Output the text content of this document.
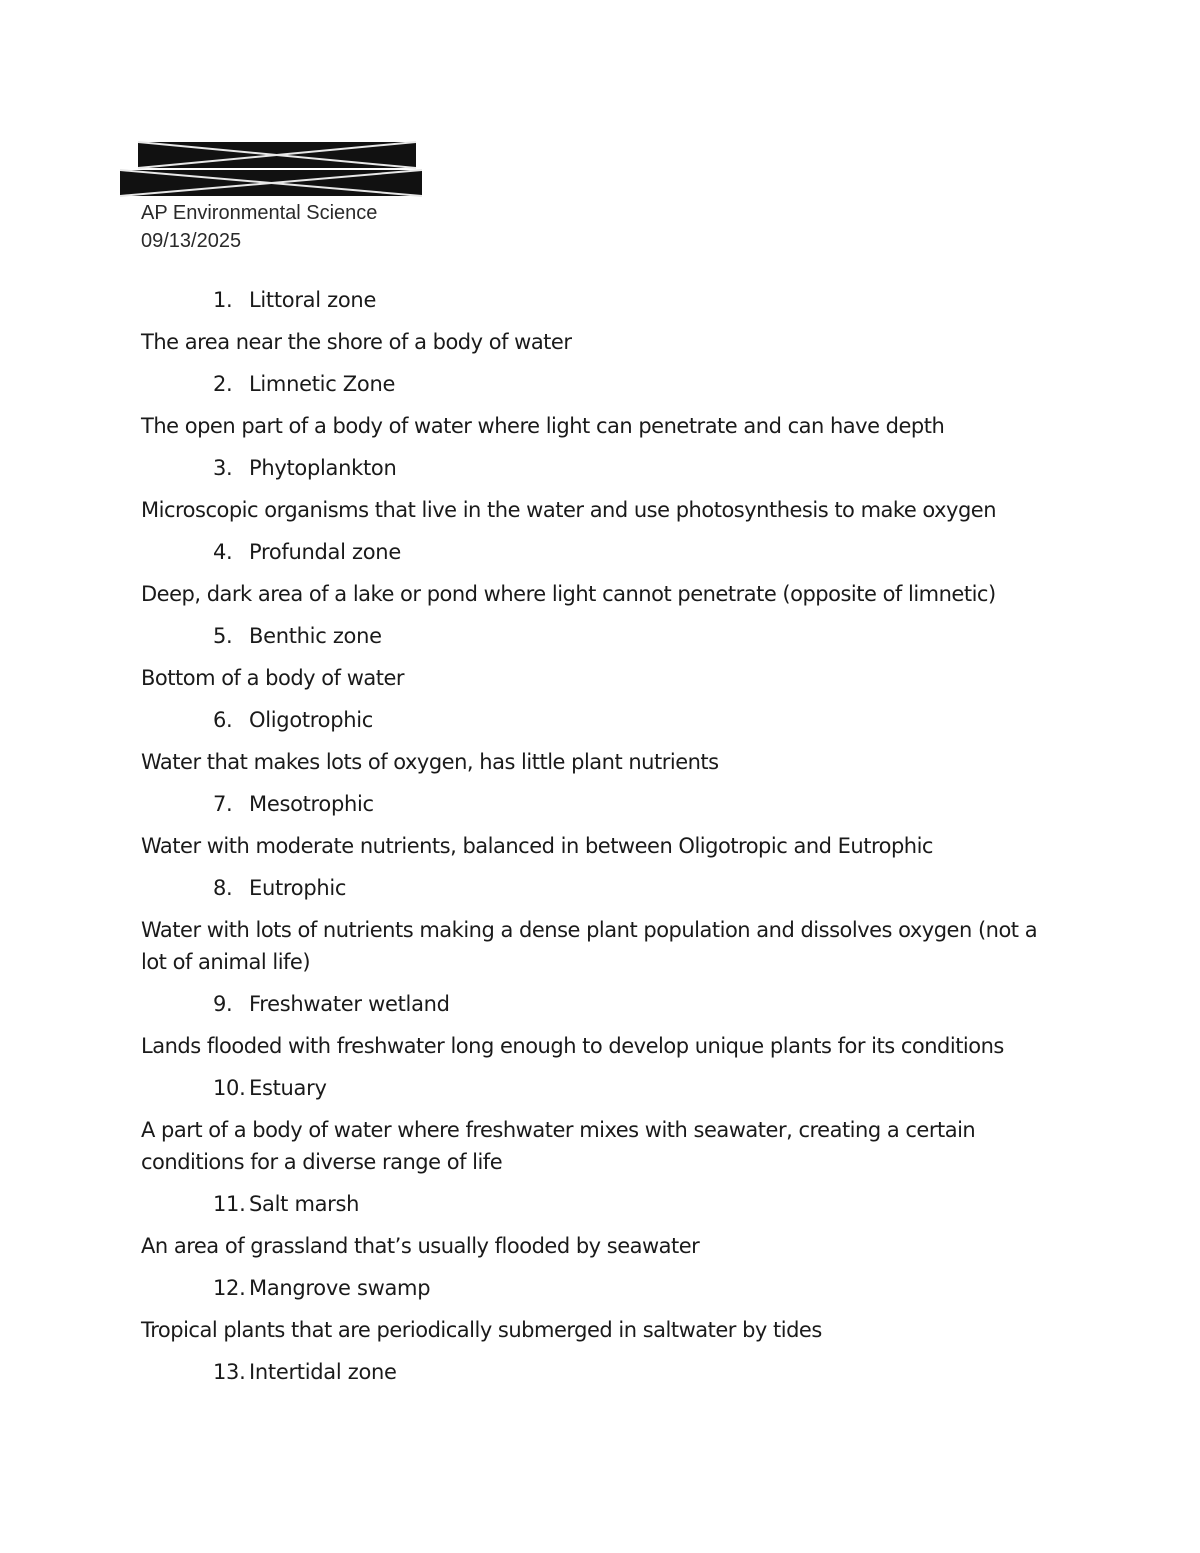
AP Environmental Science
09/13/2025
1. Littoral zone
The area near the shore of a body of water
2. Limnetic Zone
The open part of a body of water where light can penetrate and can have depth
3. Phytoplankton
Microscopic organisms that live in the water and use photosynthesis to make oxygen
4. Profundal zone
Deep, dark area of a lake or pond where light cannot penetrate (opposite of limnetic)
5. Benthic zone
Bottom of a body of water
6. Oligotrophic
Water that makes lots of oxygen, has little plant nutrients
7. Mesotrophic
Water with moderate nutrients, balanced in between Oligotropic and Eutrophic
8. Eutrophic
Water with lots of nutrients making a dense plant population and dissolves oxygen (not a lot of animal life)
9. Freshwater wetland
Lands flooded with freshwater long enough to develop unique plants for its conditions
10. Estuary
A part of a body of water where freshwater mixes with seawater, creating a certain conditions for a diverse range of life
11. Salt marsh
An area of grassland that’s usually flooded by seawater
12. Mangrove swamp
Tropical plants that are periodically submerged in saltwater by tides
13. Intertidal zone
